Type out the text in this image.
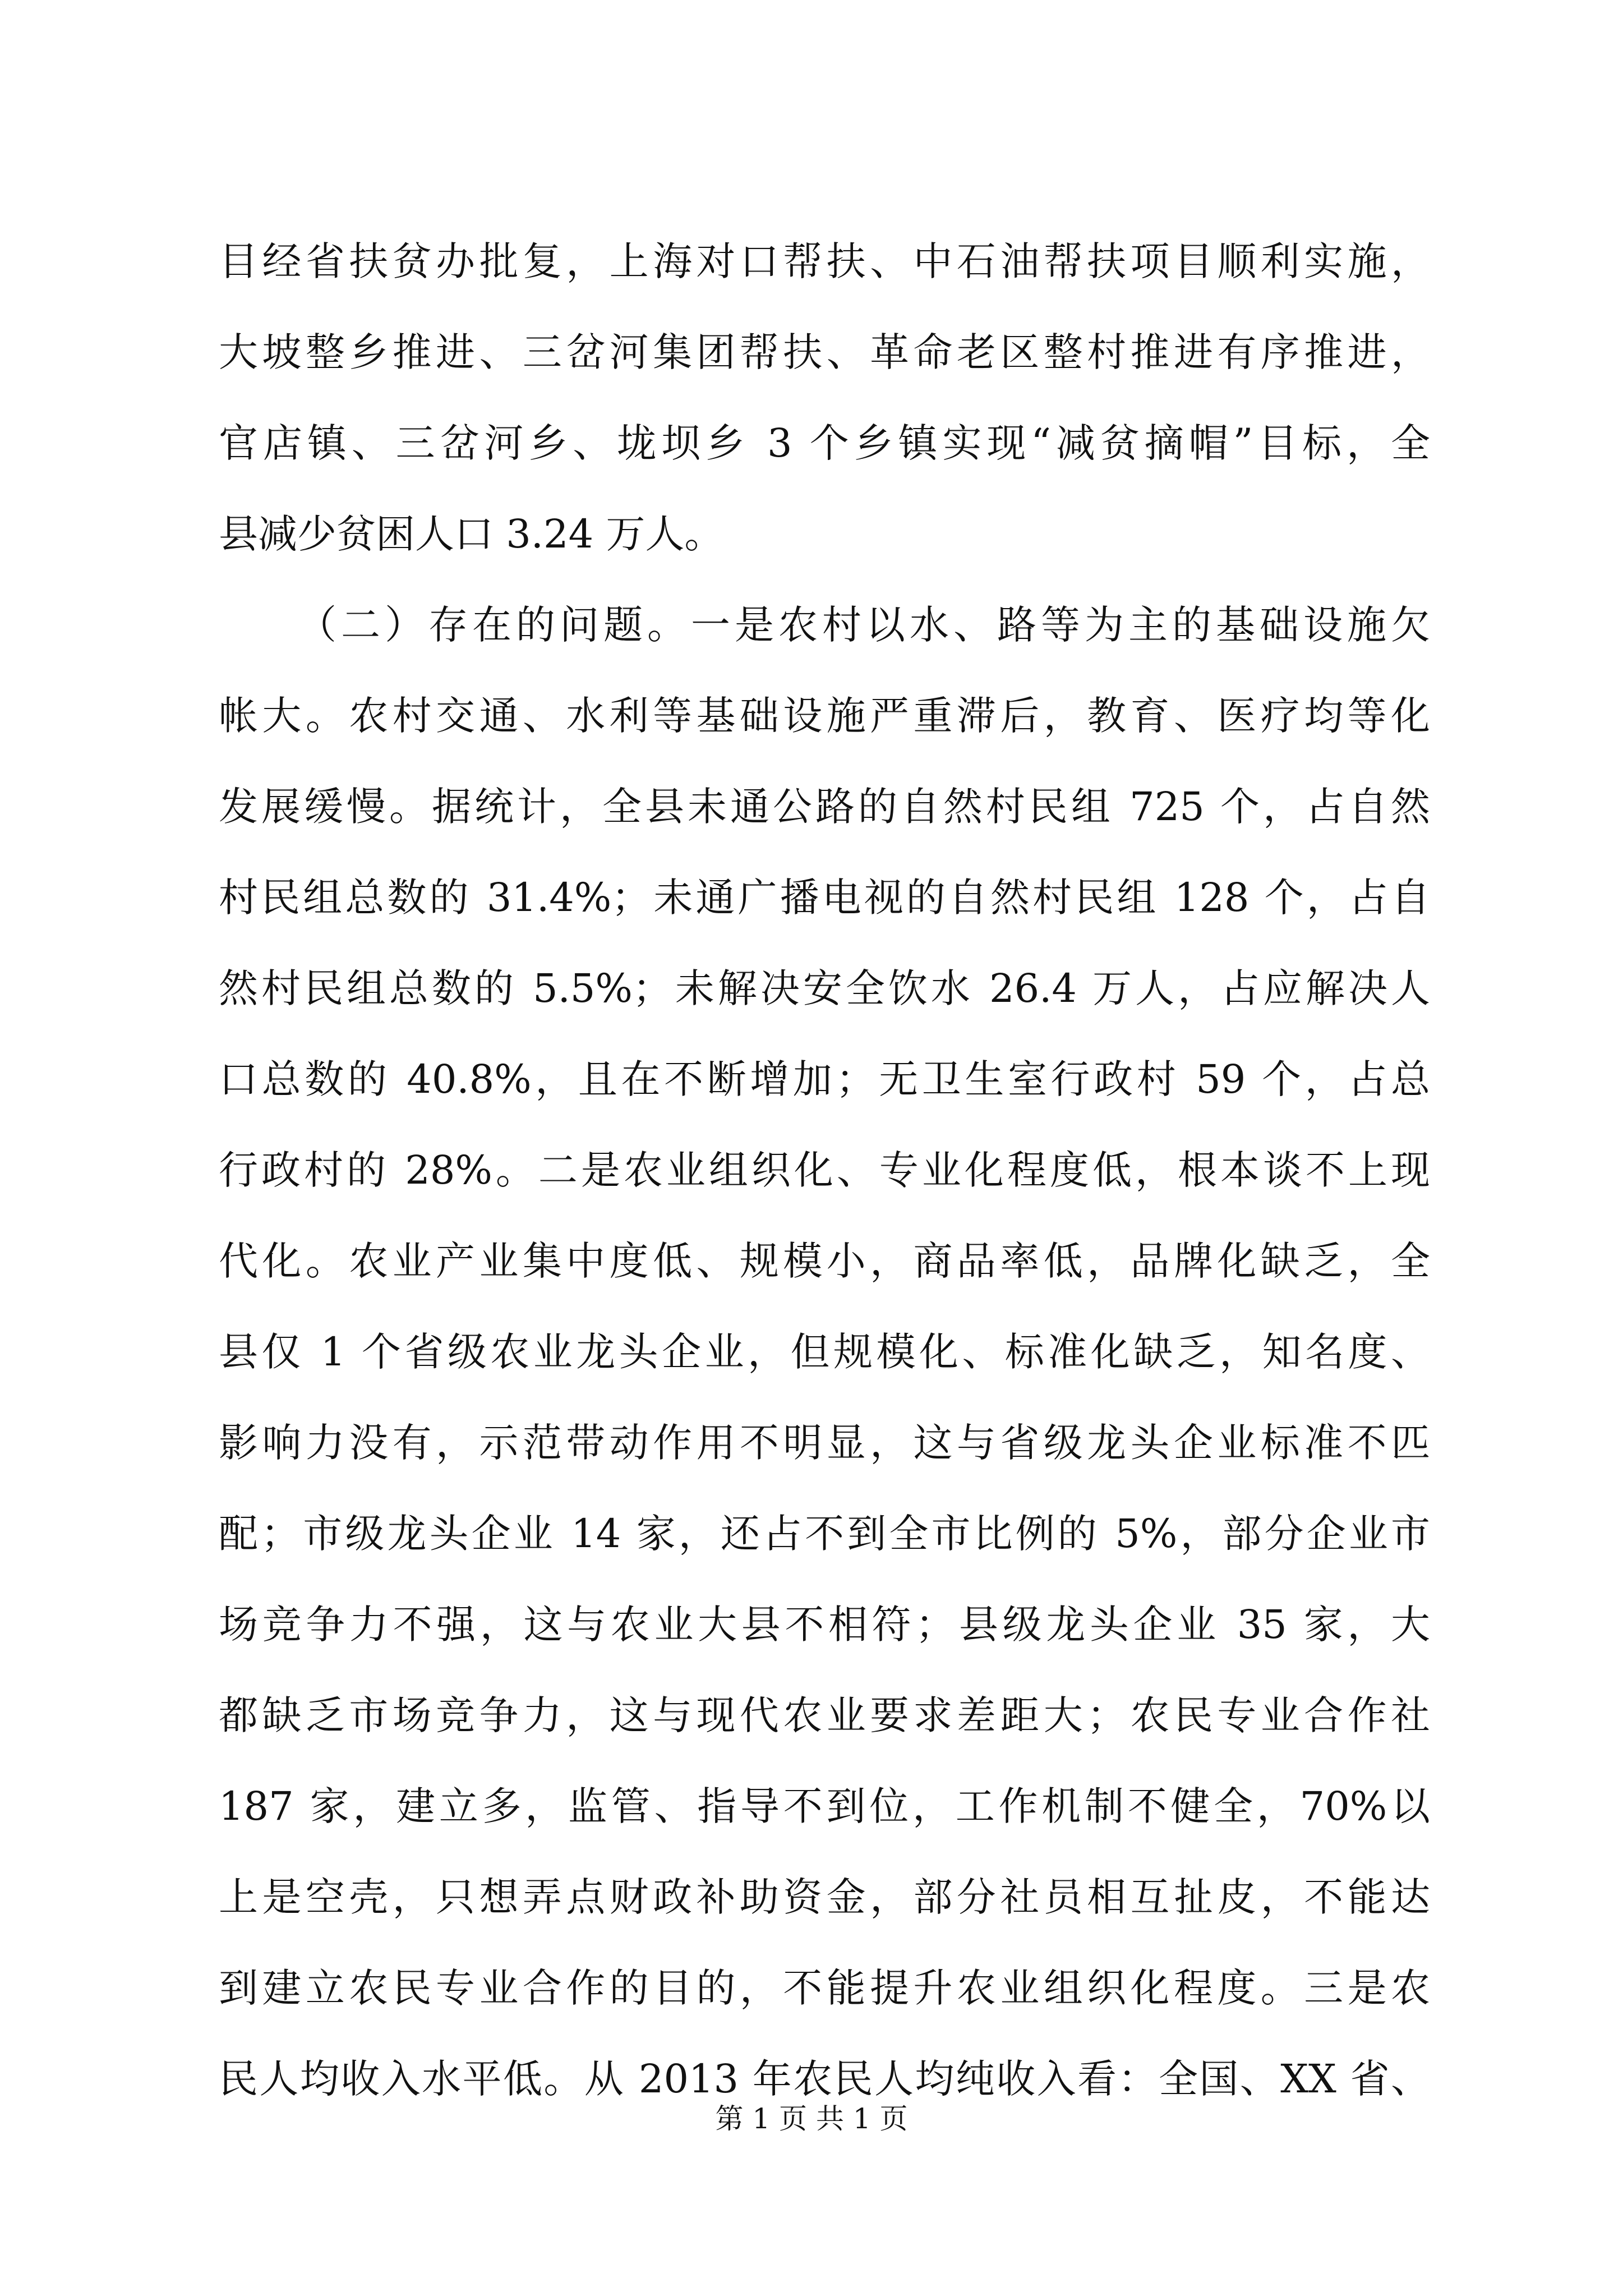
目经省扶贫办批复，上海对口帮扶、中石油帮扶项目顺利实施，
大坡整乡推进、三岔河集团帮扶、革命老区整村推进有序推进，
官店镇、三岔河乡、垅坝乡 3 个乡镇实现“减贫摘帽”目标，全
县减少贫困人口 3.24 万人。
（二）存在的问题。一是农村以水、路等为主的基础设施欠
帐大。农村交通、水利等基础设施严重滞后，教育、医疗均等化
发展缓慢。据统计，全县未通公路的自然村民组 725 个，占自然
村民组总数的 31.4%；未通广播电视的自然村民组 128 个，占自
然村民组总数的 5.5%；未解决安全饮水 26.4 万人，占应解决人
口总数的 40.8%，且在不断增加；无卫生室行政村 59 个，占总
行政村的 28%。二是农业组织化、专业化程度低，根本谈不上现
代化。农业产业集中度低、规模小，商品率低，品牌化缺乏，全
县仅 1 个省级农业龙头企业，但规模化、标准化缺乏，知名度、
影响力没有，示范带动作用不明显，这与省级龙头企业标准不匹
配；市级龙头企业 14 家，还占不到全市比例的 5%，部分企业市
场竞争力不强，这与农业大县不相符；县级龙头企业 35 家，大
都缺乏市场竞争力，这与现代农业要求差距大；农民专业合作社
187 家，建立多，监管、指导不到位，工作机制不健全，70%以
上是空壳，只想弄点财政补助资金，部分社员相互扯皮，不能达
到建立农民专业合作的目的，不能提升农业组织化程度。三是农
民人均收入水平低。从 2013 年农民人均纯收入看：全国、XX 省、
第 1 页 共 1 页
